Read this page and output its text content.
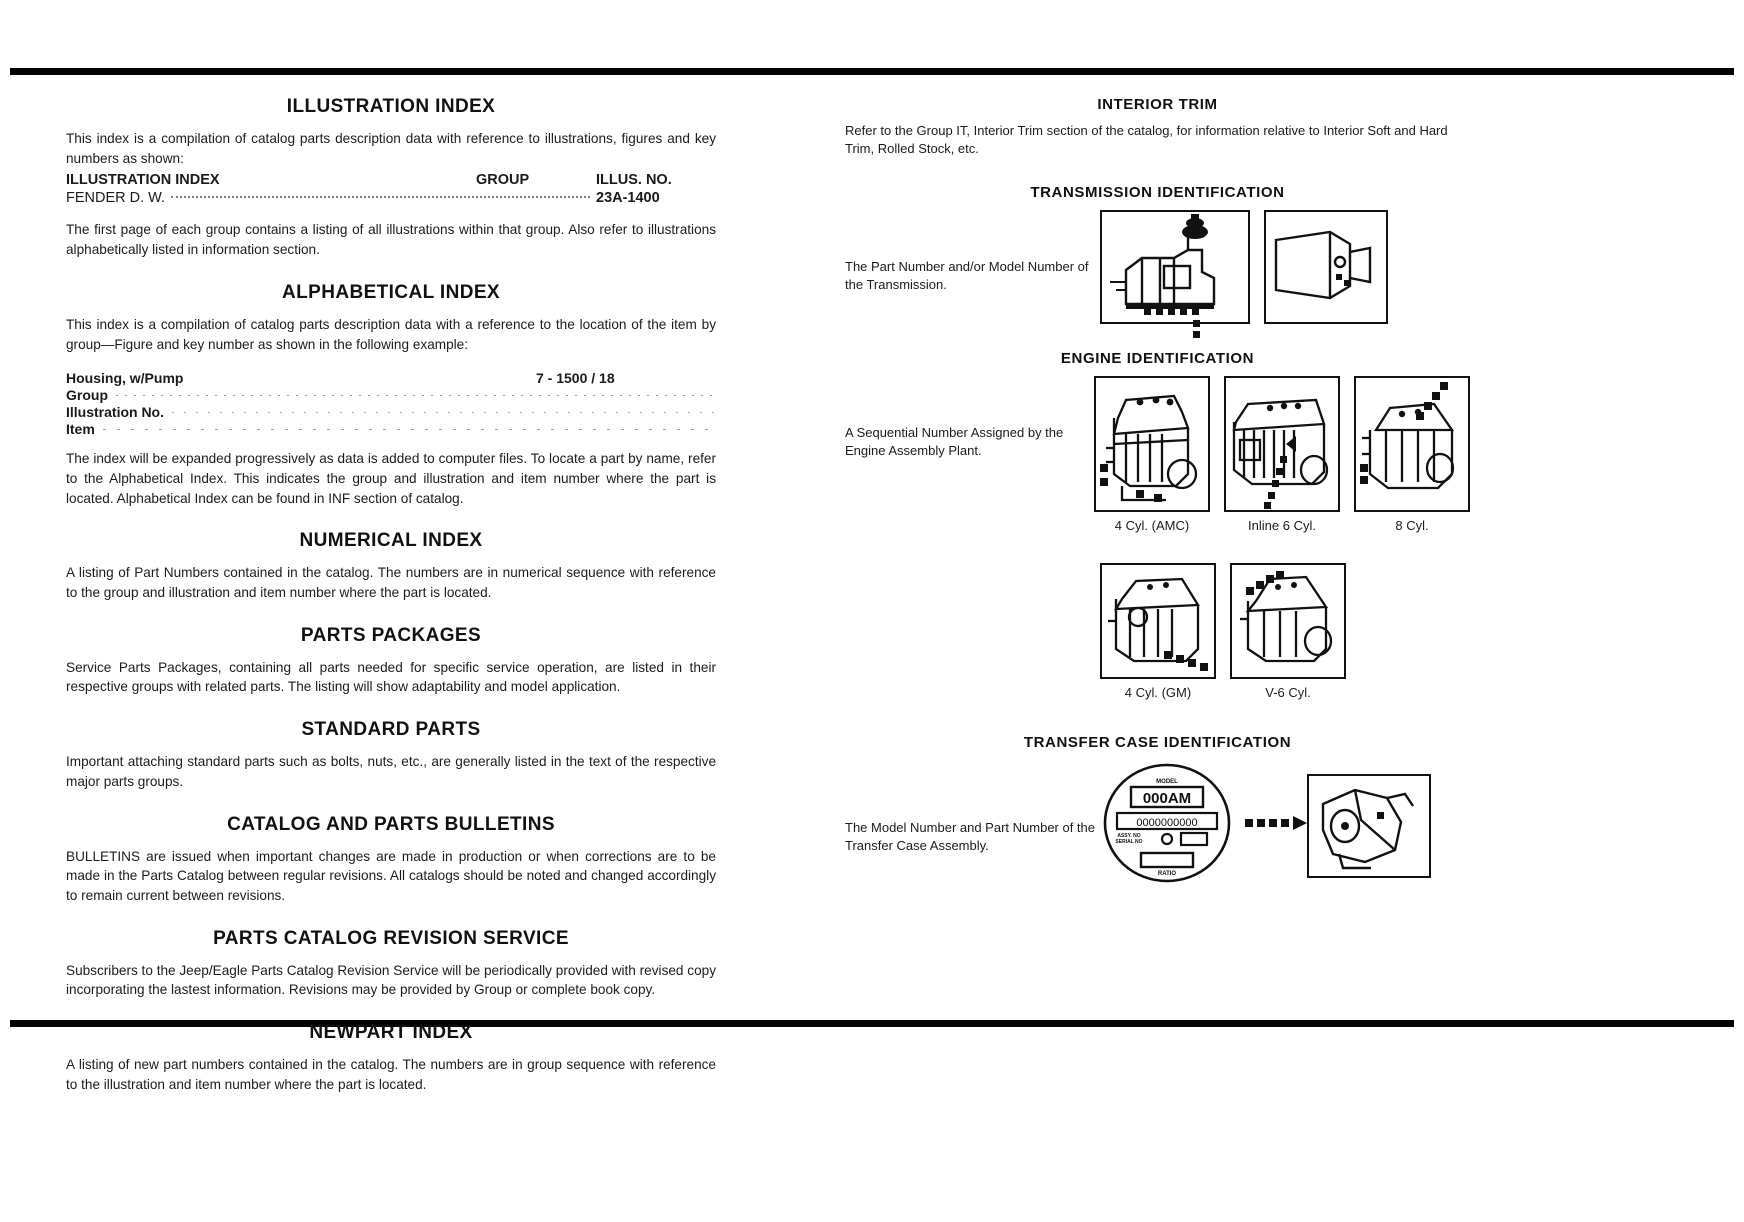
ILLUSTRATION INDEX

This index is a compilation of catalog parts description data with reference to illustrations, figures and key numbers as shown:

ILLUSTRATION INDEX	GROUP	ILLUS. NO.
FENDER D. W.	23A-1400

The first page of each group contains a listing of all illustrations within that group. Also refer to illustrations alphabetically listed in information section.

ALPHABETICAL INDEX

This index is a compilation of catalog parts description data with a reference to the location of the item by group—Figure and key number as shown in the following example:

Housing, w/Pump	7 - 1500 / 18
Group
Illustration No.
Item

The index will be expanded progressively as data is added to computer files. To locate a part by name, refer to the Alphabetical Index. This indicates the group and illustration and item number where the part is located. Alphabetical Index can be found in INF section of catalog.

NUMERICAL INDEX

A listing of Part Numbers contained in the catalog. The numbers are in numerical sequence with reference to the group and illustration and item number where the part is located.

PARTS PACKAGES

Service Parts Packages, containing all parts needed for specific service operation, are listed in their respective groups with related parts. The listing will show adaptability and model application.

STANDARD PARTS

Important attaching standard parts such as bolts, nuts, etc., are generally listed in the text of the respective major parts groups.

CATALOG AND PARTS BULLETINS

BULLETINS are issued when important changes are made in production or when corrections are to be made in the Parts Catalog between regular revisions. All catalogs should be noted and changed accordingly to remain current between revisions.

PARTS CATALOG REVISION SERVICE

Subscribers to the Jeep/Eagle Parts Catalog Revision Service will be periodically provided with revised copy incorporating the lastest information. Revisions may be provided by Group or complete book copy.

NEWPART INDEX

A listing of new part numbers contained in the catalog. The numbers are in group sequence with reference to the illustration and item number where the part is located.

INTERIOR TRIM

Refer to the Group IT, Interior Trim section of the catalog, for information relative to Interior Soft and Hard Trim, Rolled Stock, etc.

TRANSMISSION IDENTIFICATION
The Part Number and/or Model Number of the Transmission.
ENGINE IDENTIFICATION
A Sequential Number Assigned by the Engine Assembly Plant.
4 Cyl. (AMC)	Inline 6 Cyl.	8 Cyl.
4 Cyl. (GM)	V-6 Cyl.
TRANSFER CASE IDENTIFICATION
The Model Number and Part Number of the Transfer Case Assembly.
MODEL
000AM
0000000000
ASSY. NO
SERIAL NO
RATIO
